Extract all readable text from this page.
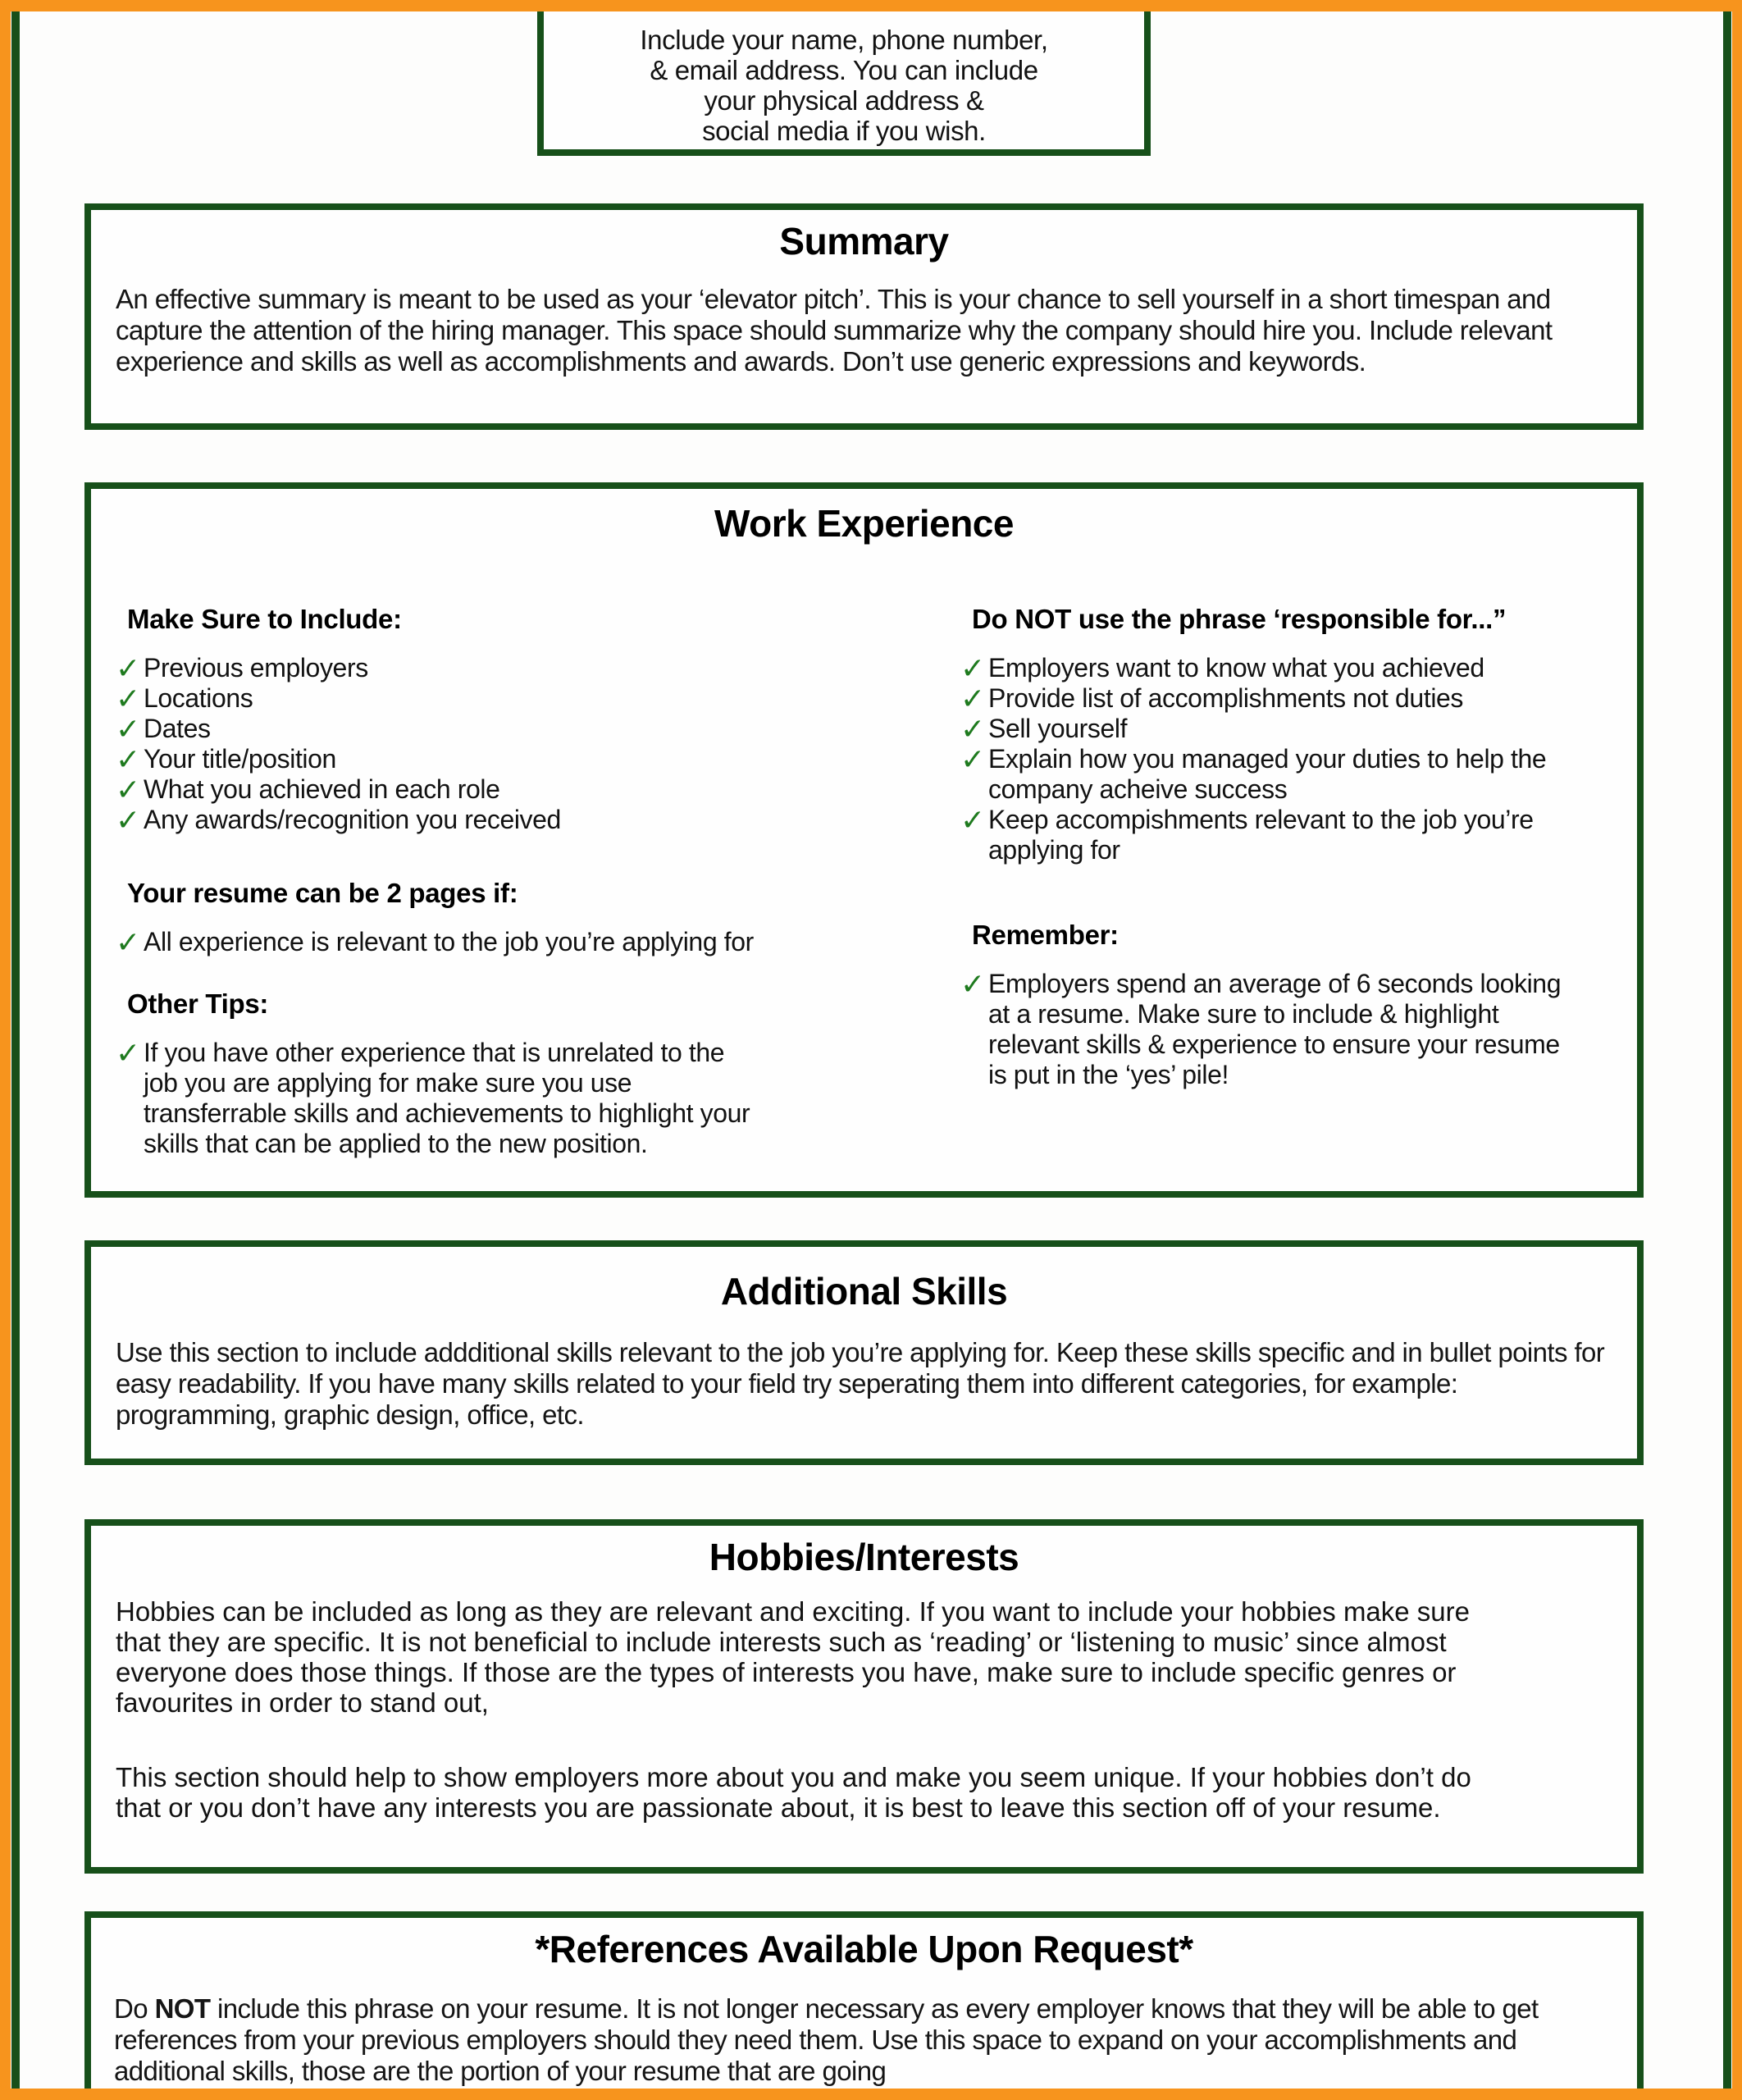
Include your name, phone number,
& email address. You can include
your physical address &
social media if you wish.
Summary

An effective summary is meant to be used as your ‘elevator pitch’. This is your chance to sell yourself in a short timespan and capture the attention of the hiring manager. This space should summarize why the company should hire you. Include relevant experience and skills as well as accomplishments and awards. Don’t use generic expressions and keywords.

Work Experience
Make Sure to Include:
✓ Previous employers
✓ Locations
✓ Dates
✓ Your title/position
✓ What you achieved in each role
✓ Any awards/recognition you received
Your resume can be 2 pages if:
✓ All experience is relevant to the job you’re applying for
Other Tips:
✓ If you have other experience that is unrelated to the job you are applying for make sure you use transferrable skills and achievements to highlight your skills that can be applied to the new position.
Do NOT use the phrase ‘responsible for...”
✓ Employers want to know what you achieved
✓ Provide list of accomplishments not duties
✓ Sell yourself
✓ Explain how you managed your duties to help the company acheive success
✓ Keep accompishments relevant to the job you’re applying for
Remember:
✓ Employers spend an average of 6 seconds looking at a resume. Make sure to include & highlight relevant skills & experience to ensure your resume is put in the ‘yes’ pile!
Additional Skills

Use this section to include addditional skills relevant to the job you’re applying for. Keep these skills specific and in bullet points for easy readability. If you have many skills related to your field try seperating them into different categories, for example: programming, graphic design, office, etc.

Hobbies/Interests
Hobbies can be included as long as they are relevant and exciting. If you want to include your hobbies make sure that they are specific. It is not beneficial to include interests such as ‘reading’ or ‘listening to music’ since almost everyone does those things. If those are the types of interests you have, make sure to include specific genres or favourites in order to stand out,
This section should help to show employers more about you and make you seem unique. If your hobbies don’t do that or you don’t have any interests you are passionate about, it is best to leave this section off of your resume.
*References Available Upon Request*

Do NOT include this phrase on your resume. It is not longer necessary as every employer knows that they will be able to get references from your previous employers should they need them. Use this space to expand on your accomplishments and additional skills, those are the portion of your resume that are going
